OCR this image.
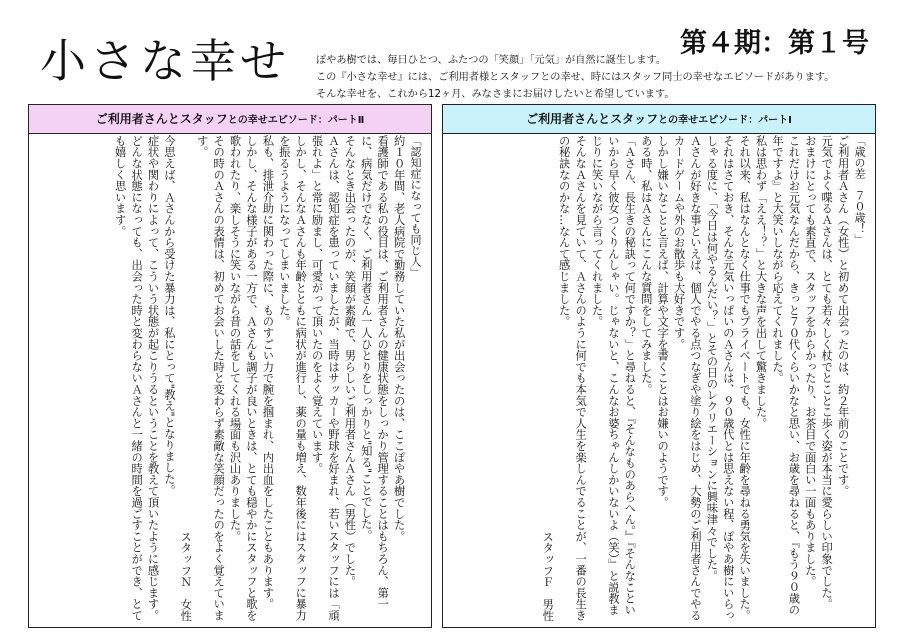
小さな幸せ	第４期：第１号
ぽやあ樹では、毎日ひとつ、ふたつの「笑顔」「元気」が自然に誕生します。
この『小さな幸せ』には、ご利用者様とスタッフとの幸せ、時にはスタッフ同士の幸せなエピソードがあります。
そんな幸せを、これから12ヶ月、みなさまにお届けしたいと希望しています。
ご利用者さんとスタッフとの幸せエピソード：パートⅡ

「認知症になっても同じ人」

約１０年間、老人病院で勤務していた私が出会ったのは、ここぽやあ樹でした。

看護師である私の役目は、ご利用者さんの健康状態をしっかり管理することはもちろん、第一に、病気だけでなく、ご利用者さん一人ひとりをしっかりと"知る"ことでした。

そんなとき出会ったのが、笑顔が素敵で、男らしいご利用者さんＡさん（男性）でした。

Ａさんは、認知症を患っていましたが、当時はサッカーや野球を好まれ、若いスタッフには「頑張れよ」と常に励まし、可愛がって頂いたのをよく覚えています。

しかし、そんなＡさんも年齢とともに病状が進行し、薬の量も増え、数年後にはスタッフに暴力を振るうようになってしまいました。

私も、排泄介助に関わった際に、ものすごい力で腕を掴まれ、内出血をしたこともあります。

しかし、そんな様子がある一方で、Ａさんも調子が良いときは、とても穏やかにスタッフと歌を歌われたり、楽しそうに笑いながら昔の話をしてくれる場面も沢山ありました。

その時のＡさんの表情は、初めてお会いした時と変わらず素敵な笑顔だったのをよく覚えています。

スタッフＮ　女性

今思えば、Ａさんから受けた暴力は、私にとって"教え"となりました。

症状や関わりによって、こういう状態が起こりうるということを教えて頂いたように感じます。

どんな状態になっても、出会った時と変わらないＡさんと一緒の時間を過ごすことができ、とても嬉しく思います。

ご利用者さんとスタッフとの幸せエピソード：パートⅠ

「歳の差　７０歳！」

ご利用者Ａさん（女性）と初めて出会ったのは、約２年前のことです。

元気でよく喋るＡさんは、とても若々しく杖でとことこ歩く姿が本当に愛らしい印象でした。

おまけにとっても素直で、スタッフをからかったり、お茶目で面白い一面もありました。

これだけお元気なんだから、きっと７０代くらいかなと思い、お歳を尋ねると、『もう９０歳の年ですよ』と大笑いしながら応えてくれました。

私は思わず「ええ！？」と大きな声を出して驚きました。

それ以来、私はなんとなく仕事でもプライベートでも、女性に年齢を尋ねる勇気を失いました。

それはさておき、そんな元気いっぱいのＡさんは、９０歳代とは思えない程、ぽやあ樹にいらっしゃる度に、「今日は何やるんだい？」とその日のレクリエーションに興味津々でした。

Ａさんが好きな事といえば、個人でやる点つなぎや塗り絵をはじめ、大勢のご利用者さんでやるカードゲームや外のお散歩も大好きです。

しかし嫌いなことと言えば、計算や文字を書くことはお嫌いのようです。

ある時、私はＡさんにこんな質問をしてみました。

「Ａさん、長生きの秘訣って何ですか？」と尋ねると、『そんなものあらへん。』『そんなこといいから早く彼女つくりんしゃい。じゃないと、こんなお婆ちゃんしかいないよ（笑）』と説教まじりに笑いながら言ってくれました。

そんなＡさんを見ていて、Ａさんのように何でも本気で人生を楽しんでることが、一番の長生きの秘訣なのかな…なんて感じました。

スタッフＦ　男性
